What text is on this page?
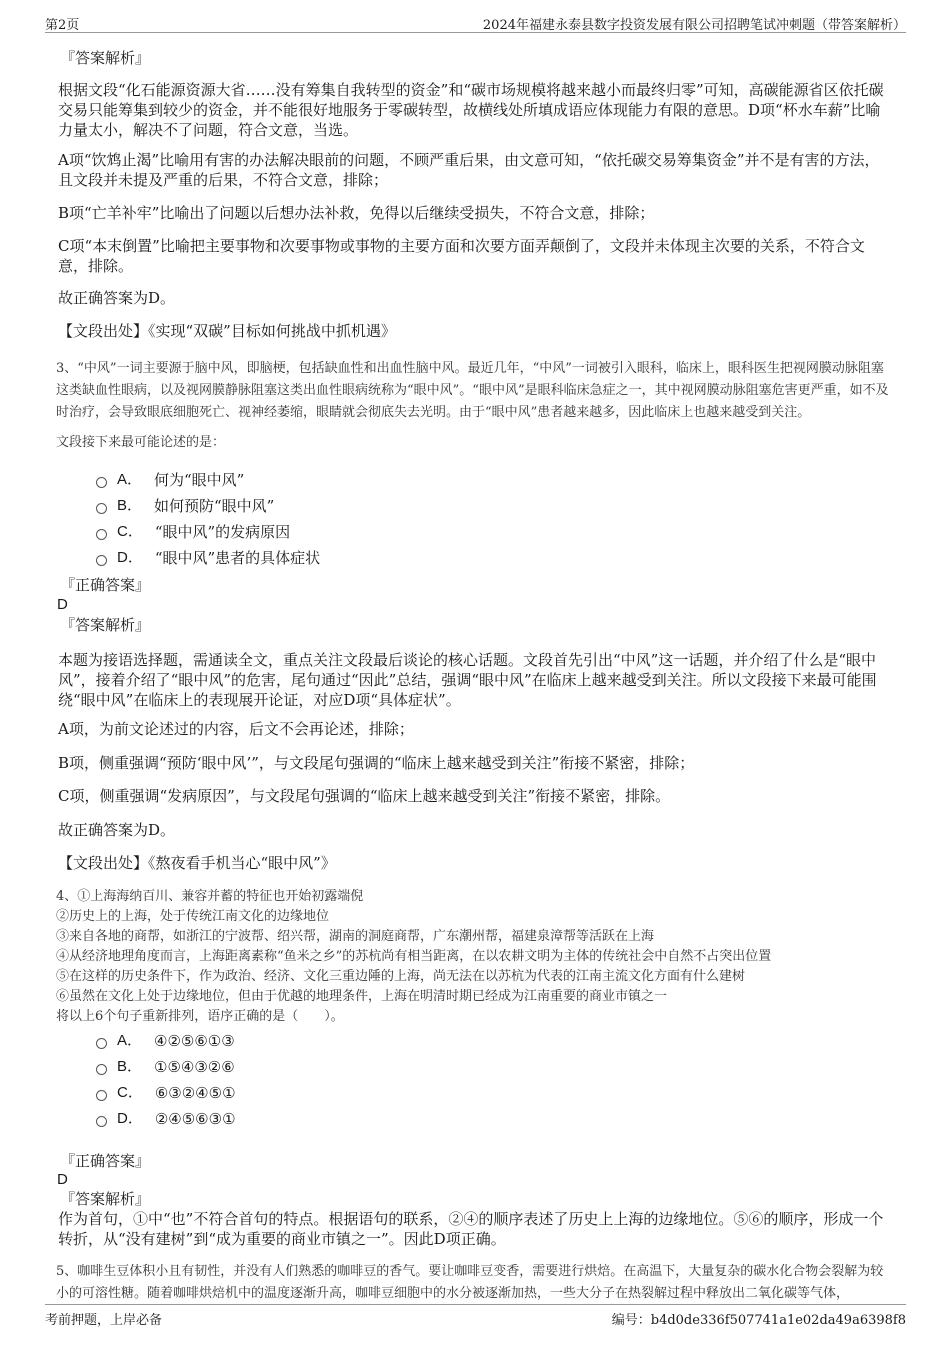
第2页	2024年福建永泰县数字投资发展有限公司招聘笔试冲刺题（带答案解析）
『答案解析』

根据文段“化石能源资源大省……没有筹集自我转型的资金”和“碳市场规模将越来越小而最终归零”可知，高碳能源省区依托碳交易只能筹集到较少的资金，并不能很好地服务于零碳转型，故横线处所填成语应体现能力有限的意思。D项“杯水车薪”比喻力量太小，解决不了问题，符合文意，当选。

A项“饮鸩止渴”比喻用有害的办法解决眼前的问题，不顾严重后果，由文意可知，“依托碳交易筹集资金”并不是有害的方法，且文段并未提及严重的后果，不符合文意，排除；

B项“亡羊补牢”比喻出了问题以后想办法补救，免得以后继续受损失，不符合文意，排除；

C项“本末倒置”比喻把主要事物和次要事物或事物的主要方面和次要方面弄颠倒了，文段并未体现主次要的关系，不符合文意，排除。

故正确答案为D。

【文段出处】《实现“双碳”目标如何挑战中抓机遇》

3、“中风”一词主要源于脑中风，即脑梗，包括缺血性和出血性脑中风。最近几年，“中风”一词被引入眼科，临床上，眼科医生把视网膜动脉阻塞这类缺血性眼病，以及视网膜静脉阻塞这类出血性眼病统称为“眼中风”。“眼中风”是眼科临床急症之一，其中视网膜动脉阻塞危害更严重，如不及时治疗，会导致眼底细胞死亡、视神经萎缩，眼睛就会彻底失去光明。由于“眼中风”患者越来越多，因此临床上也越来越受到关注。

文段接下来最可能论述的是：

A． 何为“眼中风”
B． 如何预防“眼中风”
C． “眼中风”的发病原因
D． “眼中风”患者的具体症状
『正确答案』
D
『答案解析』

本题为接语选择题，需通读全文，重点关注文段最后谈论的核心话题。文段首先引出“中风”这一话题，并介绍了什么是“眼中风”，接着介绍了“眼中风”的危害，尾句通过“因此”总结，强调“眼中风”在临床上越来越受到关注。所以文段接下来最可能围绕“眼中风”在临床上的表现展开论证，对应D项“具体症状”。

A项，为前文论述过的内容，后文不会再论述，排除；

B项，侧重强调“预防‘眼中风’”，与文段尾句强调的“临床上越来越受到关注”衔接不紧密，排除；

C项，侧重强调“发病原因”，与文段尾句强调的“临床上越来越受到关注”衔接不紧密，排除。

故正确答案为D。

【文段出处】《熬夜看手机当心“眼中风”》

4、①上海海纳百川、兼容并蓄的特征也开始初露端倪
②历史上的上海，处于传统江南文化的边缘地位
③来自各地的商帮，如浙江的宁波帮、绍兴帮，湖南的洞庭商帮，广东潮州帮，福建泉漳帮等活跃在上海
④从经济地理角度而言，上海距离素称“鱼米之乡”的苏杭尚有相当距离，在以农耕文明为主体的传统社会中自然不占突出位置
⑤在这样的历史条件下，作为政治、经济、文化三重边陲的上海，尚无法在以苏杭为代表的江南主流文化方面有什么建树
⑥虽然在文化上处于边缘地位，但由于优越的地理条件，上海在明清时期已经成为江南重要的商业市镇之一
将以上6个句子重新排列，语序正确的是（　　）。
A． ④②⑤⑥①③
B． ①⑤④③②⑥
C． ⑥③②④⑤①
D． ②④⑤⑥③①
『正确答案』
D
『答案解析』

作为首句，①中“也”不符合首句的特点。根据语句的联系，②④的顺序表述了历史上上海的边缘地位。⑤⑥的顺序，形成一个转折，从“没有建树”到“成为重要的商业市镇之一”。因此D项正确。

5、咖啡生豆体积小且有韧性，并没有人们熟悉的咖啡豆的香气。要让咖啡豆变香，需要进行烘焙。在高温下，大量复杂的碳水化合物会裂解为较小的可溶性糖。随着咖啡烘焙机中的温度逐渐升高，咖啡豆细胞中的水分被逐渐加热，一些大分子在热裂解过程中释放出二氧化碳等气体，

考前押题，上岸必备	编号：b4d0de336f507741a1e02da49a6398f8
